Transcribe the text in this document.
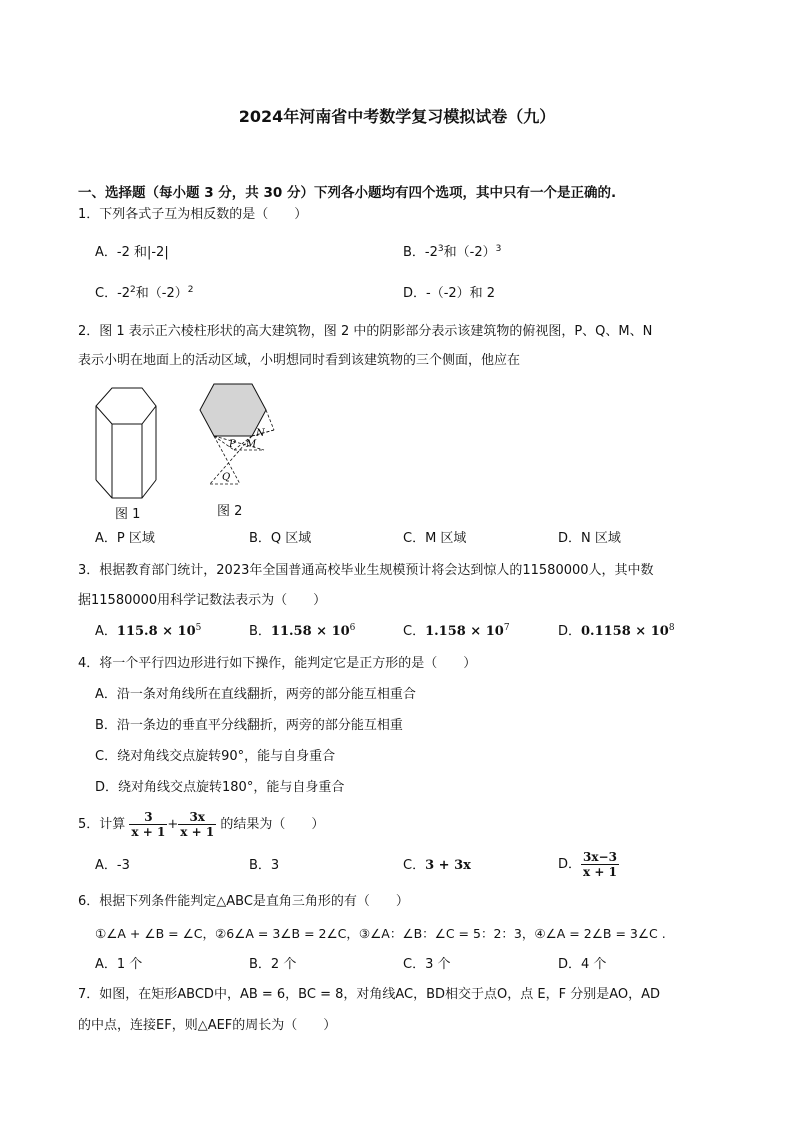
2024年河南省中考数学复习模拟试卷（九）
一、选择题（每小题 3 分，共 30 分）下列各小题均有四个选项，其中只有一个是正确的.
1．下列各式子互为相反数的是（　　）
A．-2 和|-2|	B．$-2^3$和$(-2)^3$
C．$-2^2$和$(-2)^2$	D．-（-2）和 2
2．图 1 表示正六棱柱形状的高大建筑物，图 2 中的阴影部分表示该建筑物的俯视图，P、Q、M、N
表示小明在地面上的活动区域，小明想同时看到该建筑物的三个侧面，他应在
图 1
P M
N
Q
图 2
A．P 区域	B．Q 区域	C．M 区域	D．N 区域
3．根据教育部门统计，2023年全国普通高校毕业生规模预计将会达到惊人的11580000人，其中数
据11580000用科学记数法表示为（　　）
A．$115.8 \times 10^5$	B．$11.58 \times 10^6$	C．$1.158 \times 10^7$	D．$0.1158 \times 10^8$
4．将一个平行四边形进行如下操作，能判定它是正方形的是（　　）
A．沿一条对角线所在直线翻折，两旁的部分能互相重合
B．沿一条边的垂直平分线翻折，两旁的部分能互相重
C．绕对角线交点旋转90°，能与自身重合
D．绕对角线交点旋转180°，能与自身重合
5．计算 $\frac{3}{x + 1} + \frac{3x}{x + 1}$ 的结果为（　　）
A．-3	B．3	C．3 + 3x	D． $\frac{3x-3}{x + 1}$
6．根据下列条件能判定△ABC是直角三角形的有（　　）
①∠A + ∠B = ∠C，②6∠A = 3∠B = 2∠C，③∠A：∠B：∠C = 5：2：3，④∠A = 2∠B = 3∠C .
A．1 个	B．2 个	C．3 个	D．4 个
7．如图，在矩形ABCD中，AB = 6，BC = 8，对角线AC，BD相交于点O，点 E，F 分别是AO，AD
的中点，连接EF，则△AEF的周长为（　　）
